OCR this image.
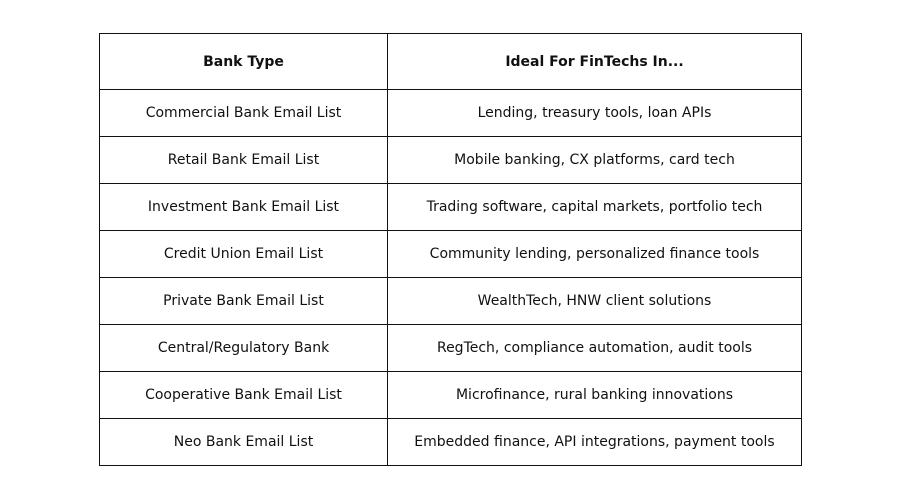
Bank Type	Ideal For FinTechs In...
Commercial Bank Email List	Lending, treasury tools, loan APIs
Retail Bank Email List	Mobile banking, CX platforms, card tech
Investment Bank Email List	Trading software, capital markets, portfolio tech
Credit Union Email List	Community lending, personalized finance tools
Private Bank Email List	WealthTech, HNW client solutions
Central/Regulatory Bank	RegTech, compliance automation, audit tools
Cooperative Bank Email List	Microfinance, rural banking innovations
Neo Bank Email List	Embedded finance, API integrations, payment tools
